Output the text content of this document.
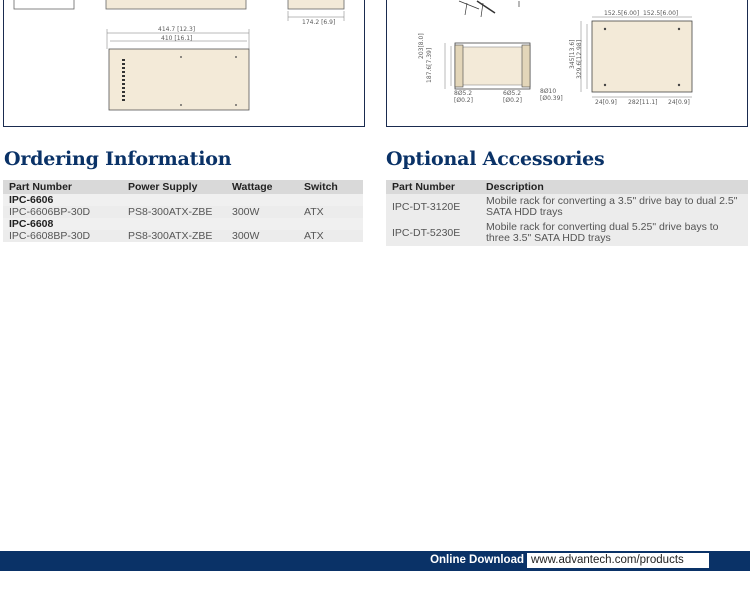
414.7 [12.3]
410 [16.1]
174.2 [6.9]
152.5[6.00]  152.5[6.00]
203[8.0]
187.6[7.39]
8Ø5.2
[Ø0.2]
6Ø5.2
[Ø0.2]
8Ø10
[Ø0.39]
345[13.6] 329.6[12.98]
24[0.9] 282[11.1] 24[0.9]
Ordering Information
Part Number	Power Supply	Wattage	Switch
IPC-6606			
IPC-6606BP-30D	PS8-300ATX-ZBE	300W	ATX
IPC-6608			
IPC-6608BP-30D	PS8-300ATX-ZBE	300W	ATX
Optional Accessories
Part Number	Description
IPC-DT-3120E	Mobile rack for converting a 3.5" drive bay to dual 2.5" SATA HDD trays
IPC-DT-5230E	Mobile rack for converting dual 5.25" drive bays to three 3.5" SATA HDD trays
Online Download www.advantech.com/products
